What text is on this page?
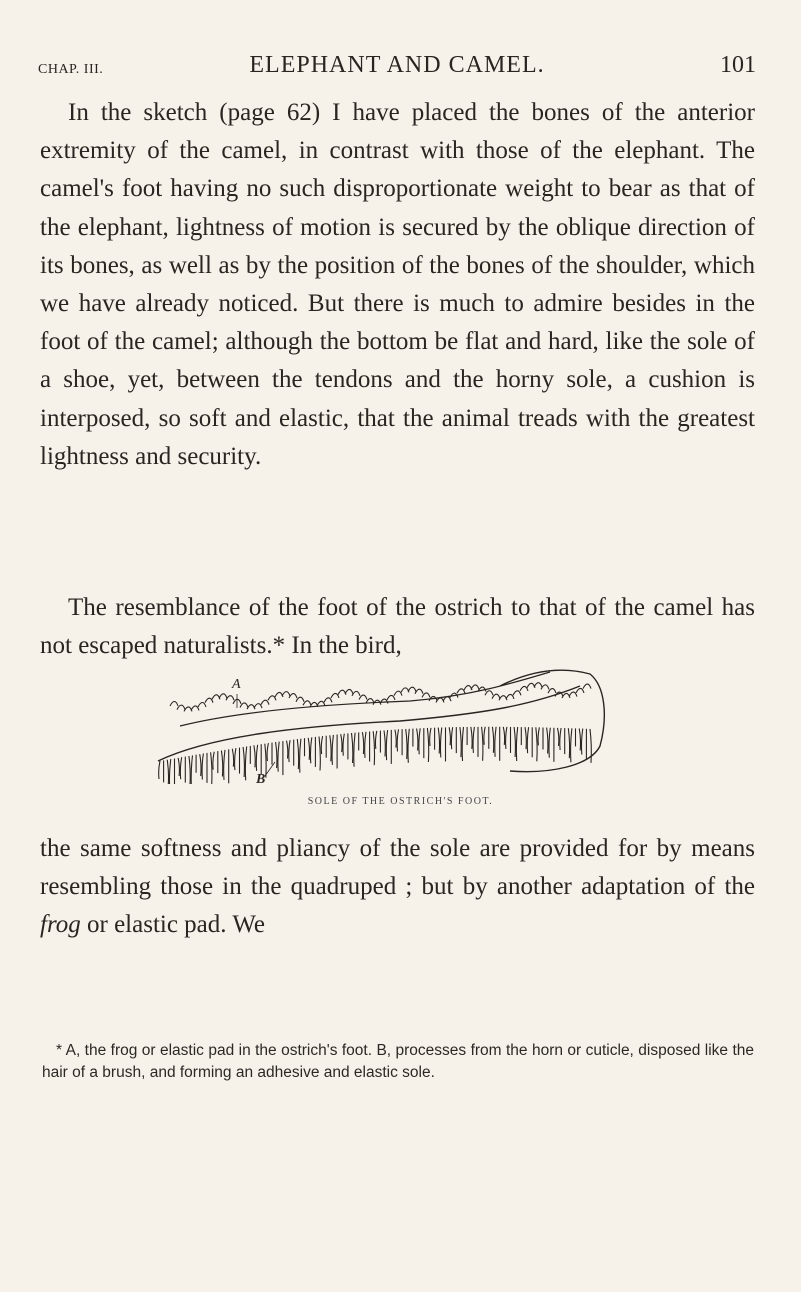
CHAP. III.	ELEPHANT AND CAMEL.	101

In the sketch (page 62) I have placed the bones of the anterior extremity of the camel, in contrast with those of the elephant. The camel's foot having no such disproportionate weight to bear as that of the elephant, lightness of motion is secured by the oblique direction of its bones, as well as by the position of the bones of the shoulder, which we have already noticed. But there is much to admire besides in the foot of the camel; although the bottom be flat and hard, like the sole of a shoe, yet, between the tendons and the horny sole, a cushion is interposed, so soft and elastic, that the animal treads with the greatest lightness and security.

The resemblance of the foot of the ostrich to that of the camel has not escaped naturalists.* In the bird,

A
B
SOLE OF THE OSTRICH'S FOOT.

the same softness and pliancy of the sole are provided for by means resembling those in the quadruped ; but by another adaptation of the frog or elastic pad. We

* A, the frog or elastic pad in the ostrich's foot. B, processes from the horn or cuticle, disposed like the hair of a brush, and forming an adhesive and elastic sole.
